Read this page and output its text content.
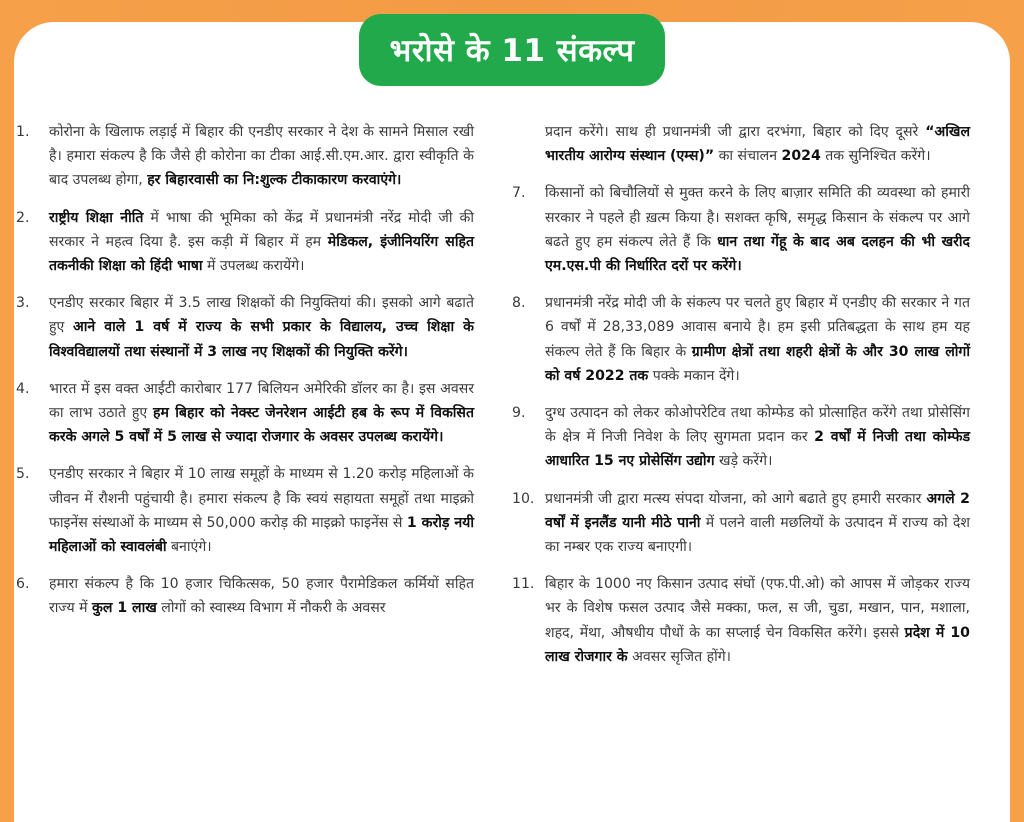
भरोसे के 11 संकल्प
1. कोरोना के खिलाफ लड़ाई में बिहार की एनडीए सरकार ने देश के सामने मिसाल रखी है। हमारा संकल्प है कि जैसे ही कोरोना का टीका आई.सी.एम.आर. द्वारा स्वीकृति के बाद उपलब्ध होगा, हर बिहारवासी का नि:शुल्क टीकाकारण करवाएंगे।
2. राष्ट्रीय शिक्षा नीति में भाषा की भूमिका को केंद्र में प्रधानमंत्री नरेंद्र मोदी जी की सरकार ने महत्व दिया है. इस कड़ी में बिहार में हम मेडिकल, इंजीनियरिंग सहित तकनीकी शिक्षा को हिंदी भाषा में उपलब्ध करायेंगे।
3. एनडीए सरकार बिहार में 3.5 लाख शिक्षकों की नियुक्तियां की। इसको आगे बढाते हुए आने वाले 1 वर्ष में राज्य के सभी प्रकार के विद्यालय, उच्च शिक्षा के विश्वविद्यालयों तथा संस्थानों में 3 लाख नए शिक्षकों की नियुक्ति करेंगे।
4. भारत में इस वक्त आईटी कारोबार 177 बिलियन अमेरिकी डॉलर का है। इस अवसर का लाभ उठाते हुए हम बिहार को नेक्स्ट जेनरेशन आईटी हब के रूप में विकसित करके अगले 5 वर्षों में 5 लाख से ज्यादा रोजगार के अवसर उपलब्ध करायेंगे।
5. एनडीए सरकार ने बिहार में 10 लाख समूहों के माध्यम से 1.20 करोड़ महिलाओं के जीवन में रौशनी पहुंचायी है। हमारा संकल्प है कि स्वयं सहायता समूहों तथा माइक्रो फाइनेंस संस्थाओं के माध्यम से 50,000 करोड़ की माइक्रो फाइनेंस से 1 करोड़ नयी महिलाओं को स्वावलंबी बनाएंगे।
6. हमारा संकल्प है कि 10 हजार चिकित्सक, 50 हजार पैरामेडिकल कर्मियों सहित राज्य में कुल 1 लाख लोगों को स्वास्थ्य विभाग में नौकरी के अवसर
प्रदान करेंगे। साथ ही प्रधानमंत्री जी द्वारा दरभंगा, बिहार को दिए दूसरे “अखिल भारतीय आरोग्य संस्थान (एम्स)” का संचालन 2024 तक सुनिश्चित करेंगे।
7. किसानों को बिचौलियों से मुक्त करने के लिए बाज़ार समिति की व्यवस्था को हमारी सरकार ने पहले ही ख़त्म किया है। सशक्त कृषि, समृद्ध किसान के संकल्प पर आगे बढते हुए हम संकल्प लेते हैं कि धान तथा गेंहू के बाद अब दलहन की भी खरीद एम.एस.पी की निर्धारित दरों पर करेंगे।
8. प्रधानमंत्री नरेंद्र मोदी जी के संकल्प पर चलते हुए बिहार में एनडीए की सरकार ने गत 6 वर्षों में 28,33,089 आवास बनाये है। हम इसी प्रतिबद्धता के साथ हम यह संकल्प लेते हैं कि बिहार के ग्रामीण क्षेत्रों तथा शहरी क्षेत्रों के और 30 लाख लोगों को वर्ष 2022 तक पक्के मकान देंगे।
9. दुग्ध उत्पादन को लेकर कोओपरेटिव तथा कोम्फेड को प्रोत्साहित करेंगे तथा प्रोसेसिंग के क्षेत्र में निजी निवेश के लिए सुगमता प्रदान कर 2 वर्षों में निजी तथा कोम्फेड आधारित 15 नए प्रोसेसिंग उद्योग खड़े करेंगे।
10. प्रधानमंत्री जी द्वारा मत्स्य संपदा योजना, को आगे बढाते हुए हमारी सरकार अगले 2 वर्षों में इनलैंड यानी मीठे पानी में पलने वाली मछलियों के उत्पादन में राज्य को देश का नम्बर एक राज्य बनाएगी।
11. बिहार के 1000 नए किसान उत्पाद संघों (एफ.पी.ओ) को आपस में जोड़कर राज्य भर के विशेष फसल उत्पाद जैसे मक्का, फल, स जी, चुडा, मखान, पान, मशाला, शहद, मेंथा, औषधीय पौधों के का सप्लाई चेन विकसित करेंगे। इससे प्रदेश में 10 लाख रोजगार के अवसर सृजित होंगे।
